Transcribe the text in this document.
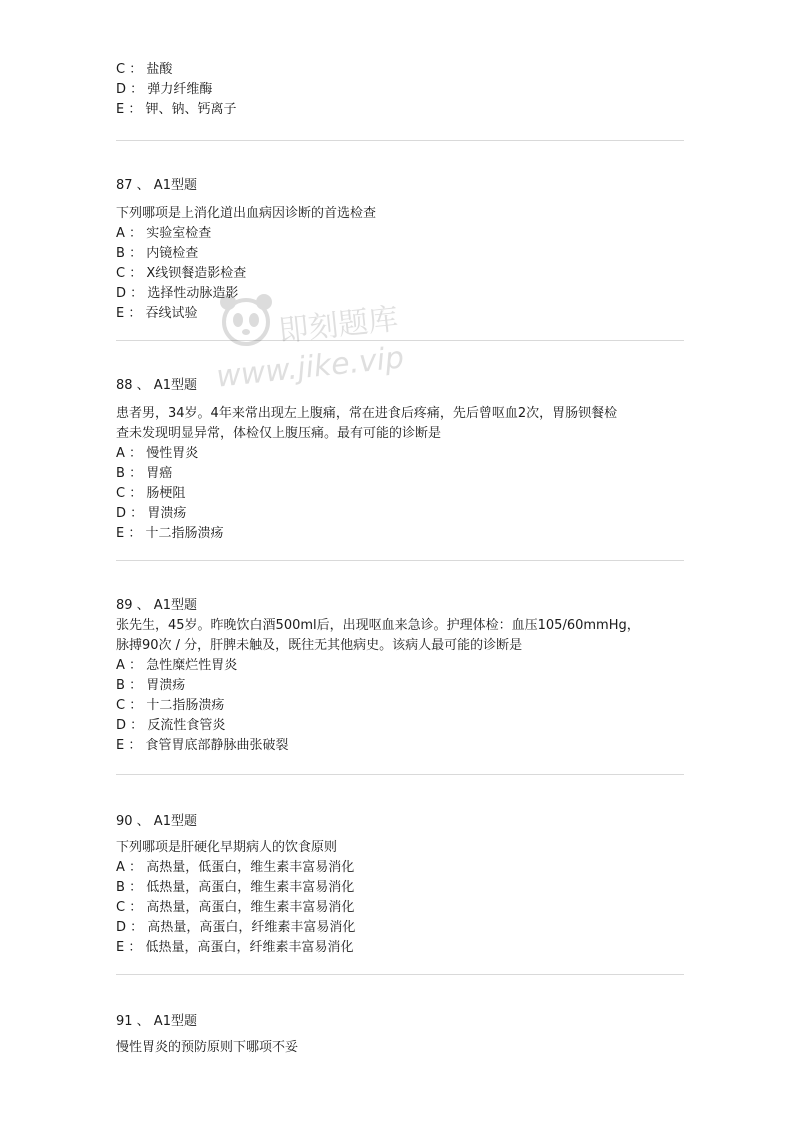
C ： 盐酸
D ： 弹力纤维酶
E ： 钾、钠、钙离子
87 、 A1型题
下列哪项是上消化道出血病因诊断的首选检查
A ： 实验室检查
B ： 内镜检查
C ： X线钡餐造影检查
D ： 选择性动脉造影
E ： 吞线试验
88 、 A1型题
患者男，34岁。4年来常出现左上腹痛，常在进食后疼痛，先后曾呕血2次，胃肠钡餐检
查未发现明显异常，体检仅上腹压痛。最有可能的诊断是
A ： 慢性胃炎
B ： 胃癌
C ： 肠梗阻
D ： 胃溃疡
E ： 十二指肠溃疡
89 、 A1型题
张先生，45岁。昨晚饮白酒500ml后，出现呕血来急诊。护理体检：血压105/60mmHg，
脉搏90次 / 分，肝脾未触及，既往无其他病史。该病人最可能的诊断是
A ： 急性糜烂性胃炎
B ： 胃溃疡
C ： 十二指肠溃疡
D ： 反流性食管炎
E ： 食管胃底部静脉曲张破裂
90 、 A1型题
下列哪项是肝硬化早期病人的饮食原则
A ： 高热量，低蛋白，维生素丰富易消化
B ： 低热量，高蛋白，维生素丰富易消化
C ： 高热量，高蛋白，维生素丰富易消化
D ： 高热量，高蛋白，纤维素丰富易消化
E ： 低热量，高蛋白，纤维素丰富易消化
91 、 A1型题
慢性胃炎的预防原则下哪项不妥
即刻题库
www.jike.vip
